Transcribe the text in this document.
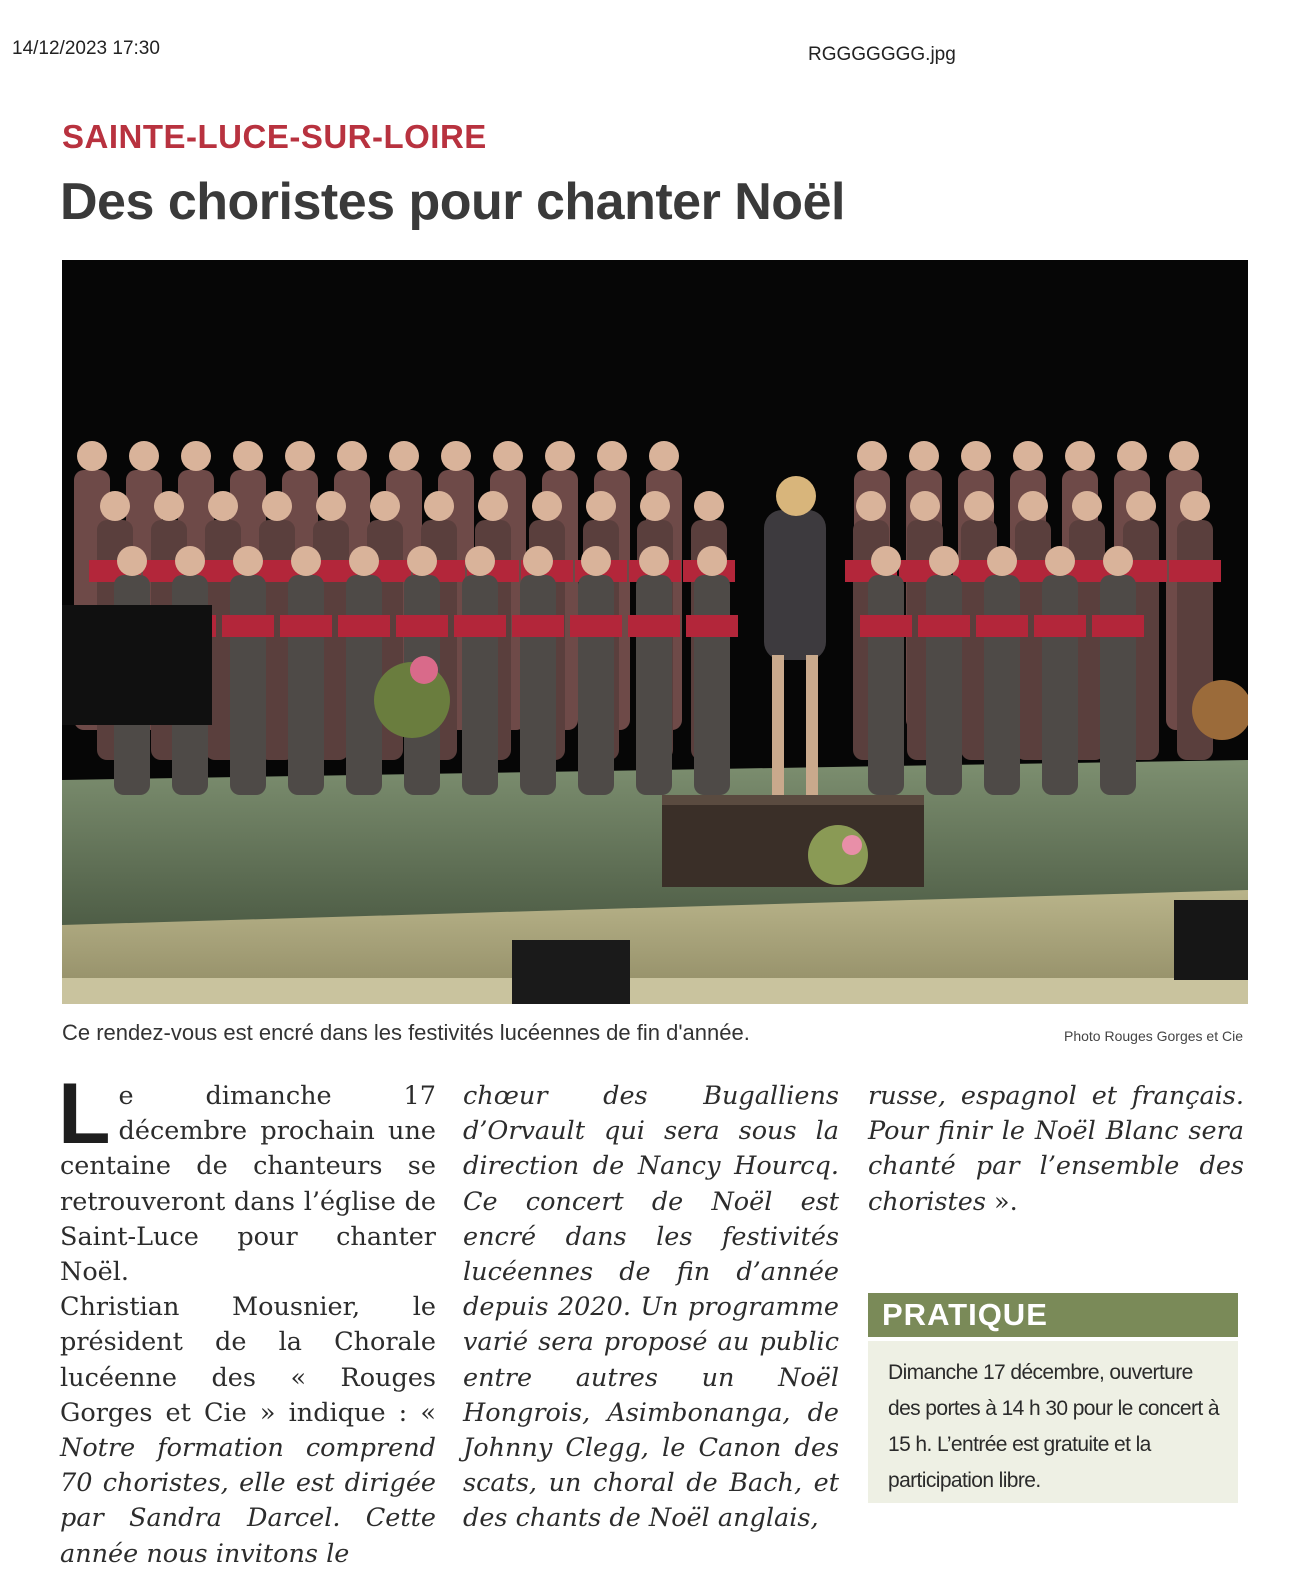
14/12/2023 17:30	RGGGGGGG.jpg
SAINTE-LUCE-SUR-LOIRE
Des choristes pour chanter Noël
Ce rendez-vous est encré dans les festivités lucéennes de fin d'année.	Photo Rouges Gorges et Cie

Le dimanche 17 décembre prochain une centaine de chanteurs se retrouveront dans l’église de Saint-Luce pour chanter Noël.
Christian Mousnier, le président de la Chorale lucéenne des « Rouges Gorges et Cie » indique : « Notre formation comprend 70 choristes, elle est dirigée par Sandra Darcel. Cette année nous invitons le

chœur des Bugalliens d’Orvault qui sera sous la direction de Nancy Hourcq. Ce concert de Noël est encré dans les festivités lucéennes de fin d’année depuis 2020. Un programme varié sera proposé au public entre autres un Noël Hongrois, Asimbonanga, de Johnny Clegg, le Canon des scats, un choral de Bach, et des chants de Noël anglais,

russe, espagnol et français. Pour finir le Noël Blanc sera chanté par l’ensemble des choristes ».

PRATIQUE
Dimanche 17 décembre, ouverture des portes à 14 h 30 pour le concert à 15 h. L’entrée est gratuite et la participation libre.
